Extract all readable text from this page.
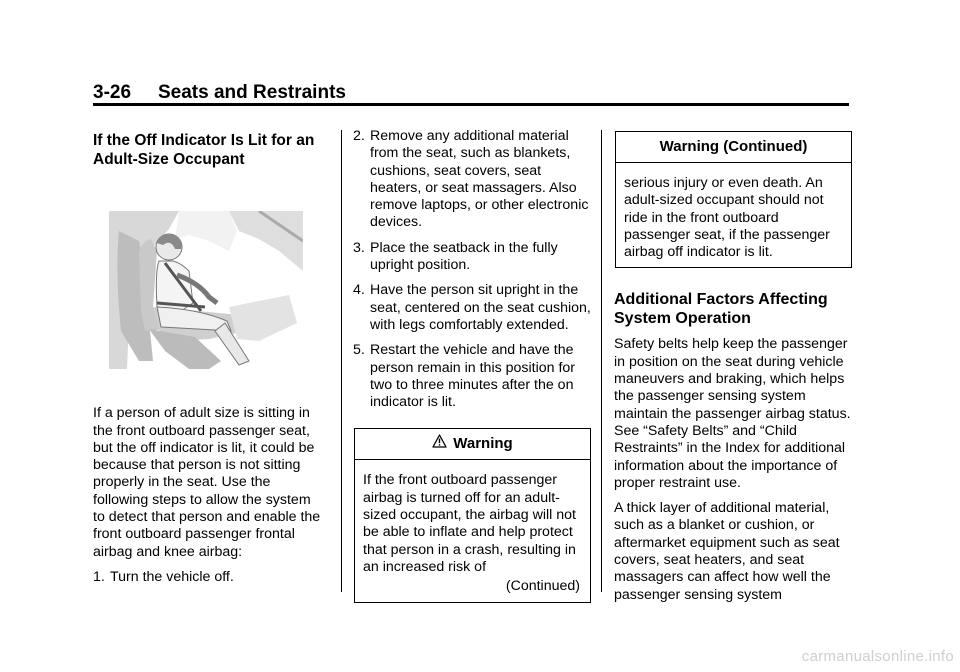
3-26 Seats and Restraints
If the Off Indicator Is Lit for an
Adult-Size Occupant

If a person of adult size is sitting in the front outboard passenger seat, but the off indicator is lit, it could be because that person is not sitting properly in the seat. Use the following steps to allow the system to detect that person and enable the front outboard passenger frontal airbag and knee airbag:

1. Turn the vehicle off.
2. Remove any additional material from the seat, such as blankets, cushions, seat covers, seat heaters, or seat massagers. Also remove laptops, or other electronic devices.
3. Place the seatback in the fully upright position.
4. Have the person sit upright in the seat, centered on the seat cushion, with legs comfortably extended.
5. Restart the vehicle and have the person remain in this position for two to three minutes after the on indicator is lit.
Warning
If the front outboard passenger airbag is turned off for an adult-sized occupant, the airbag will not be able to inflate and help protect that person in a crash, resulting in an increased risk of
(Continued)
Warning (Continued)
serious injury or even death. An adult-sized occupant should not ride in the front outboard passenger seat, if the passenger airbag off indicator is lit.
Additional Factors Affecting
System Operation

Safety belts help keep the passenger in position on the seat during vehicle maneuvers and braking, which helps the passenger sensing system maintain the passenger airbag status. See “Safety Belts” and “Child Restraints” in the Index for additional information about the importance of proper restraint use.

A thick layer of additional material, such as a blanket or cushion, or aftermarket equipment such as seat covers, seat heaters, and seat massagers can affect how well the passenger sensing system

carmanualsonline.info
